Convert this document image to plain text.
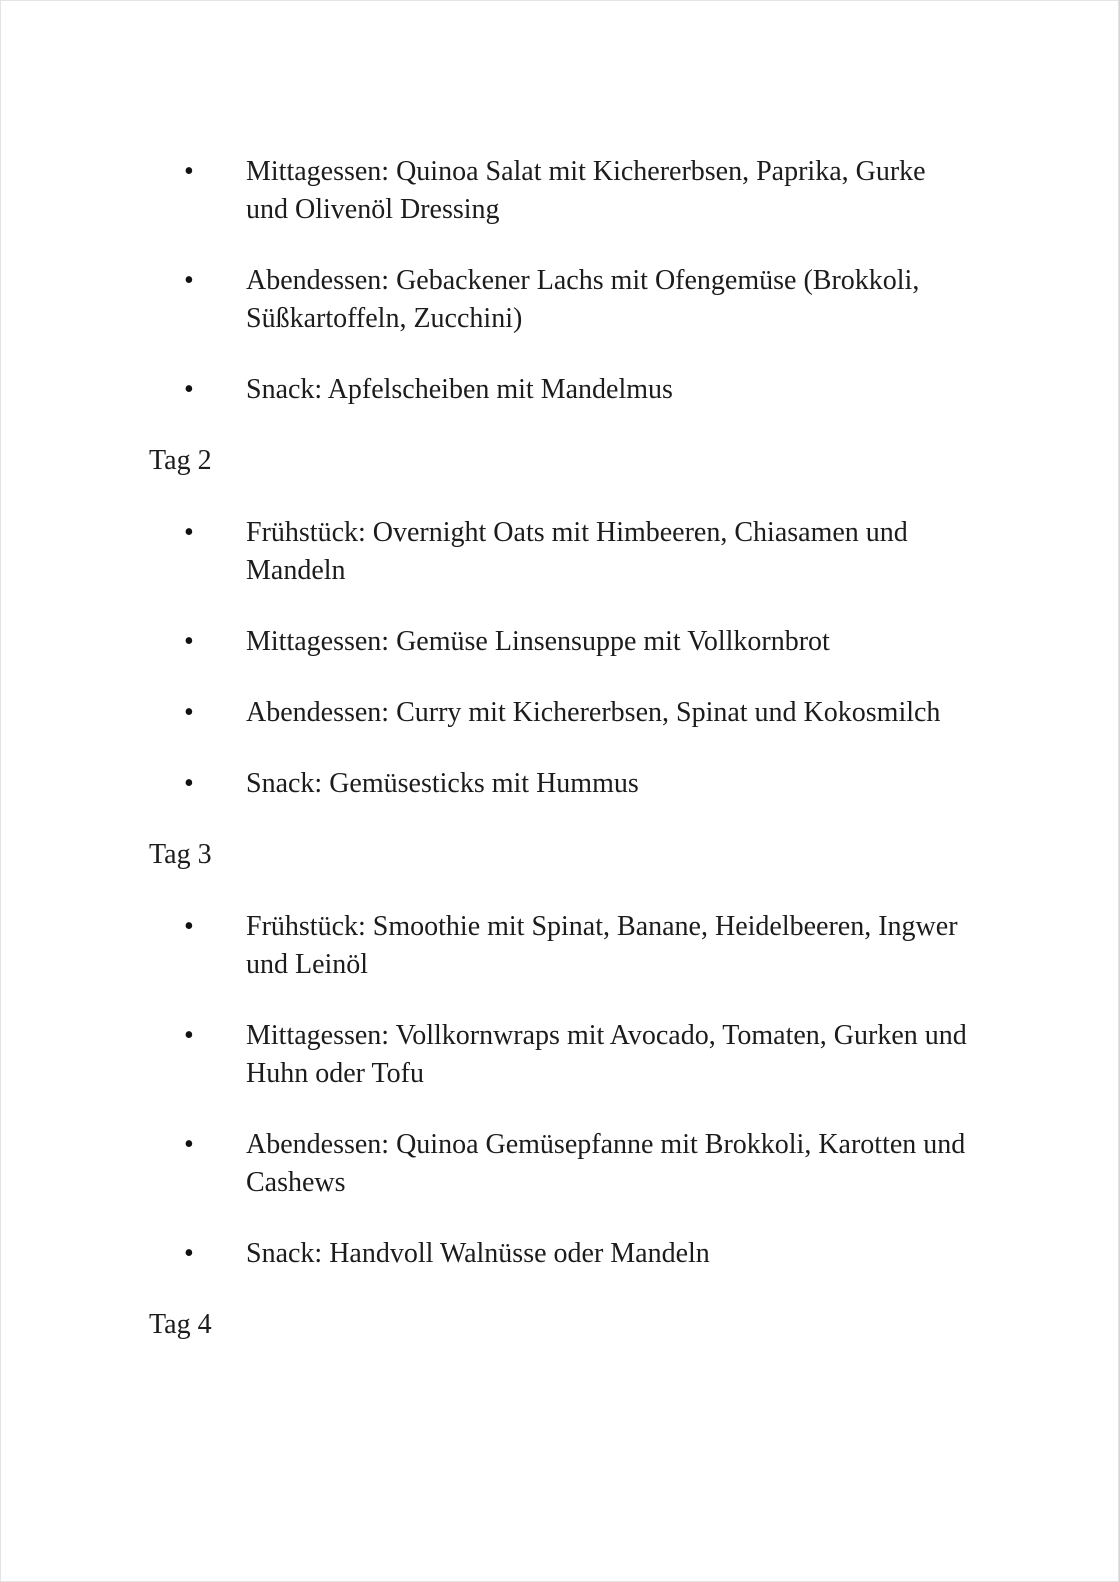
• Mittagessen: Quinoa Salat mit Kichererbsen, Paprika, Gurke und Olivenöl Dressing
• Abendessen: Gebackener Lachs mit Ofengemüse (Brokkoli, Süßkartoffeln, Zucchini)
• Snack: Apfelscheiben mit Mandelmus

Tag 2

• Frühstück: Overnight Oats mit Himbeeren, Chiasamen und Mandeln
• Mittagessen: Gemüse Linsensuppe mit Vollkornbrot
• Abendessen: Curry mit Kichererbsen, Spinat und Kokosmilch
• Snack: Gemüsesticks mit Hummus

Tag 3

• Frühstück: Smoothie mit Spinat, Banane, Heidelbeeren, Ingwer und Leinöl
• Mittagessen: Vollkornwraps mit Avocado, Tomaten, Gurken und Huhn oder Tofu
• Abendessen: Quinoa Gemüsepfanne mit Brokkoli, Karotten und Cashews
• Snack: Handvoll Walnüsse oder Mandeln

Tag 4
